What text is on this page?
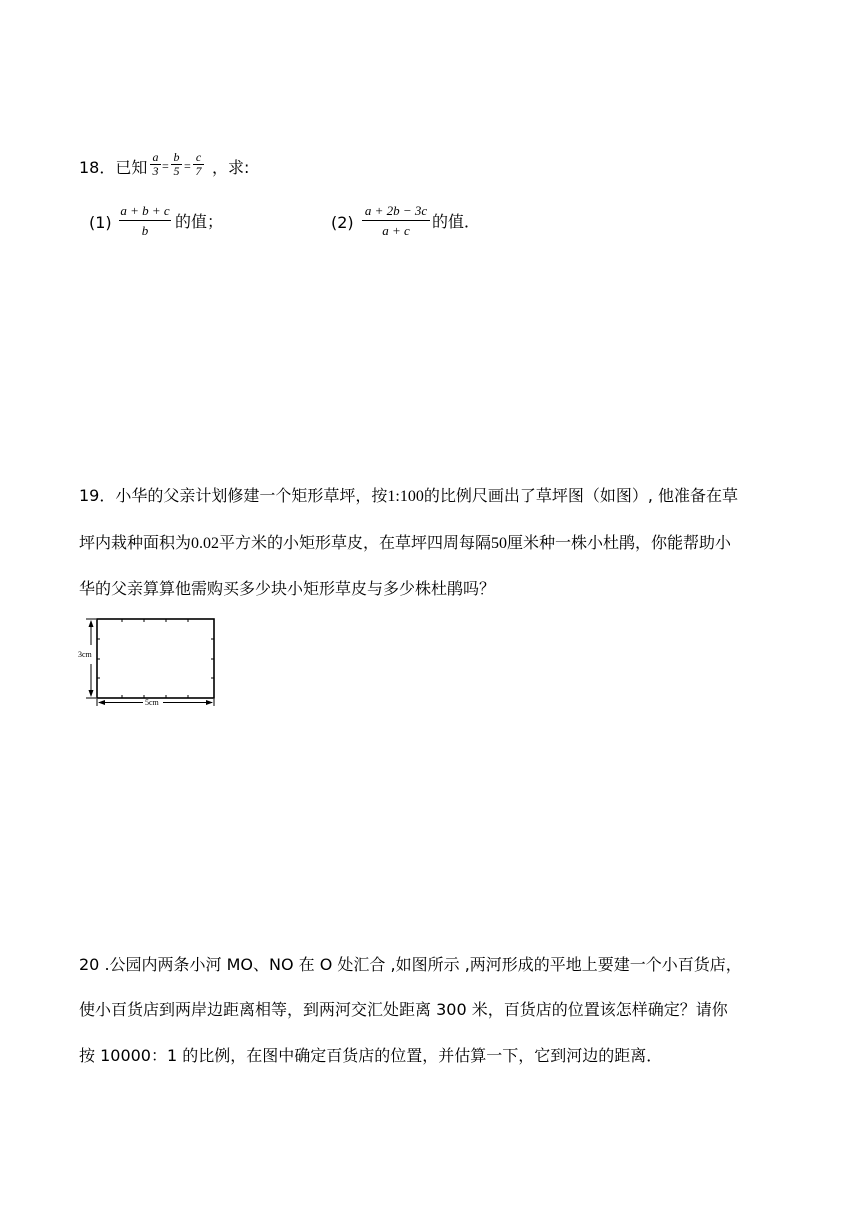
18．已知
a
3 =
b
5 =
c
7 ，求:
(1)
a + b + c
b	的值；	(2)
a + 2b − 3c
a + c	的值．
19．小华的父亲计划修建一个矩形草坪，按1:100的比例尺画出了草坪图（如图）, 他准备在草
坪内栽种面积为0.02平方米的小矩形草皮，在草坪四周每隔50厘米种一株小杜鹃，你能帮助小
华的父亲算算他需购买多少块小矩形草皮与多少株杜鹃吗？
3cm
5cm
20 .公园内两条小河 MO、NO 在 O 处汇合 ,如图所示 ,两河形成的平地上要建一个小百货店，
使小百货店到两岸边距离相等，到两河交汇处距离 300 米，百货店的位置该怎样确定？请你
按 10000：1 的比例，在图中确定百货店的位置，并估算一下，它到河边的距离．
